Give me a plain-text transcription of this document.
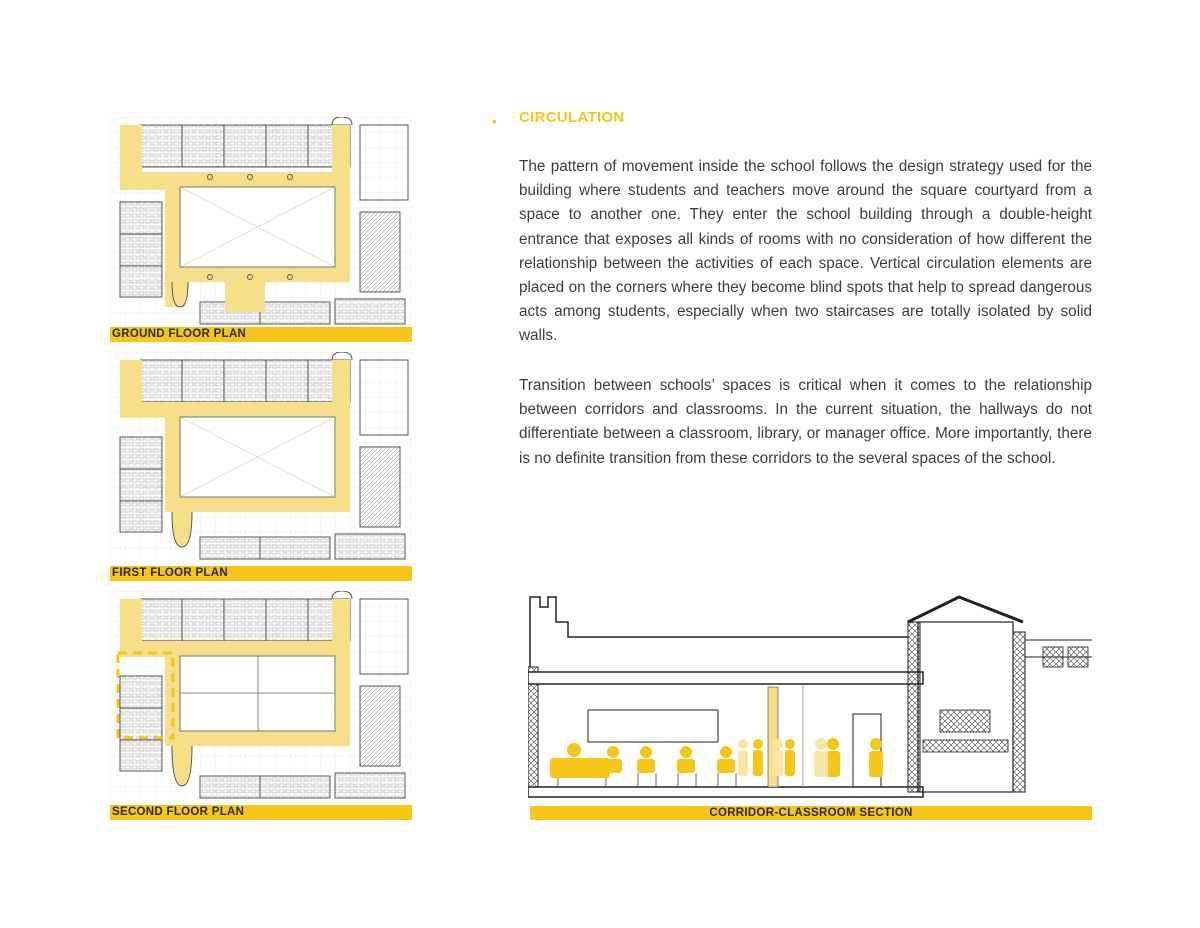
GROUND FLOOR PLAN
FIRST FLOOR PLAN
SECOND FLOOR PLAN
• CIRCULATION

The pattern of movement inside the school follows the design strategy used for the building where students and teachers move around the square courtyard from a space to another one. They enter the school building through a double-height entrance that exposes all kinds of rooms with no consideration of how different the relationship between the activities of each space. Vertical circulation elements are placed on the corners where they become blind spots that help to spread dangerous acts among students, especially when two staircases are totally isolated by solid walls.

Transition between schools’ spaces is critical when it comes to the relationship between corridors and classrooms. In the current situation, the hallways do not differentiate between a classroom, library, or manager office. More importantly, there is no definite transition from these corridors to the several spaces of the school.

CORRIDOR-CLASSROOM SECTION
